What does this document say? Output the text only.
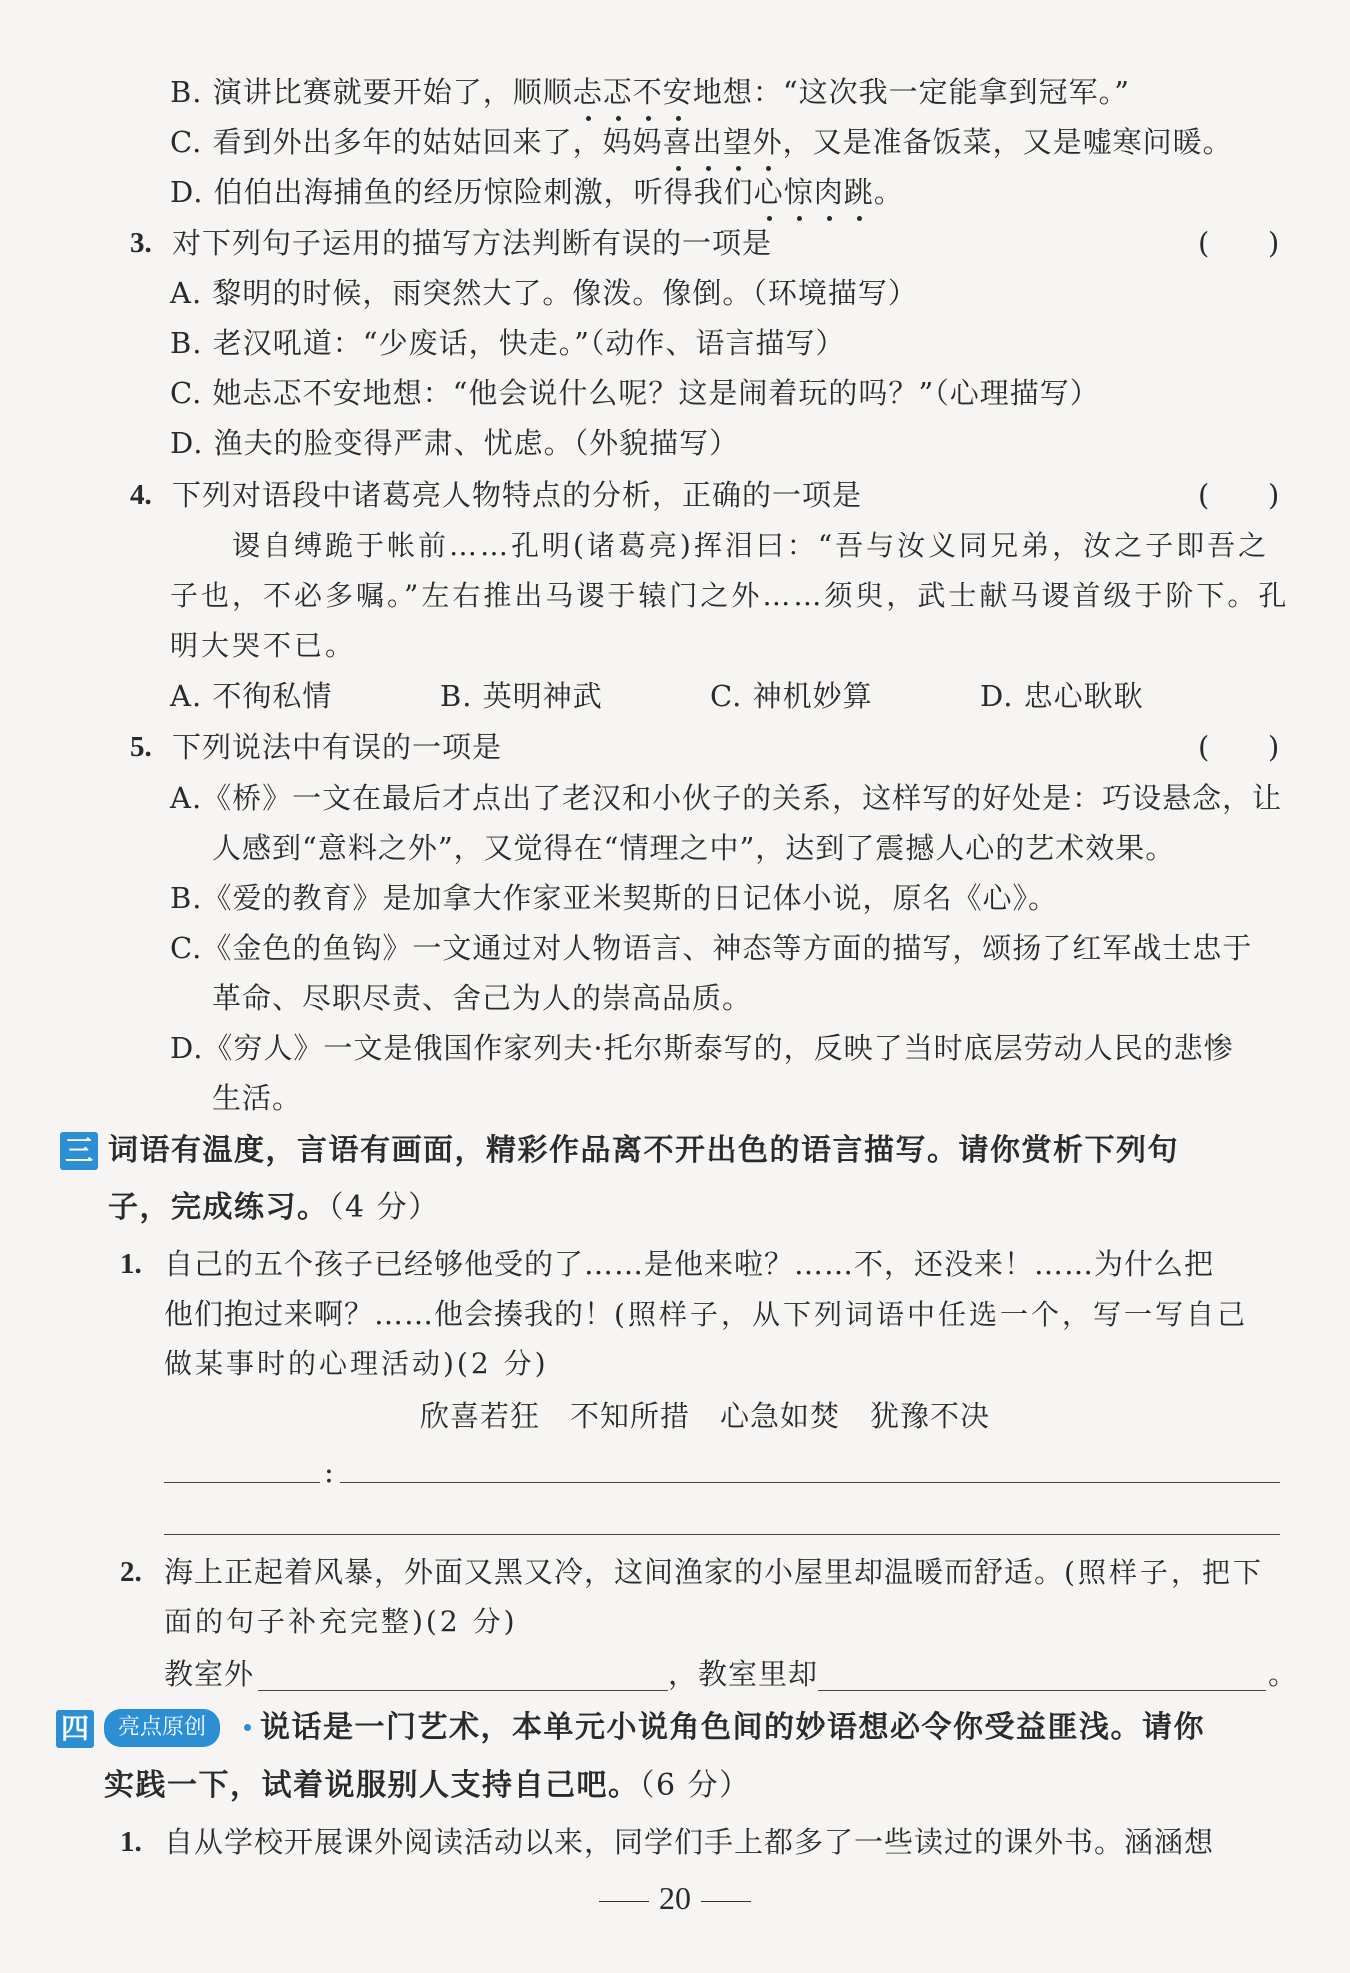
B. 演讲比赛就要开始了，顺顺忐忑不安地想：“这次我一定能拿到冠军。”
C. 看到外出多年的姑姑回来了，妈妈喜出望外，又是准备饭菜，又是嘘寒问暖。
D. 伯伯出海捕鱼的经历惊险刺激，听得我们心惊肉跳。
3. 对下列句子运用的描写方法判断有误的一项是	( )
A. 黎明的时候，雨突然大了。像泼。像倒。（环境描写）
B. 老汉吼道：“少废话，快走。”（动作、语言描写）
C. 她忐忑不安地想：“他会说什么呢？这是闹着玩的吗？”（心理描写）
D. 渔夫的脸变得严肃、忧虑。（外貌描写）
4. 下列对语段中诸葛亮人物特点的分析，正确的一项是	( )
谡自缚跪于帐前……孔明(诸葛亮)挥泪曰：“吾与汝义同兄弟，汝之子即吾之
子也，不必多嘱。”左右推出马谡于辕门之外……须臾，武士献马谡首级于阶下。孔
明大哭不已。
A. 不徇私情	B. 英明神武	C. 神机妙算	D. 忠心耿耿
5. 下列说法中有误的一项是	( )
A.《桥》一文在最后才点出了老汉和小伙子的关系，这样写的好处是：巧设悬念，让
人感到“意料之外”，又觉得在“情理之中”，达到了震撼人心的艺术效果。
B.《爱的教育》是加拿大作家亚米契斯的日记体小说，原名《心》。
C.《金色的鱼钩》一文通过对人物语言、神态等方面的描写，颂扬了红军战士忠于
革命、尽职尽责、舍己为人的崇高品质。
D.《穷人》一文是俄国作家列夫·托尔斯泰写的，反映了当时底层劳动人民的悲惨
生活。
三 词语有温度，言语有画面，精彩作品离不开出色的语言描写。请你赏析下列句
子，完成练习。（4 分）
1. 自己的五个孩子已经够他受的了……是他来啦？……不，还没来！……为什么把
他们抱过来啊？……他会揍我的！(照样子，从下列词语中任选一个，写一写自己
做某事时的心理活动)(2 分)
欣喜若狂 不知所措 心急如焚 犹豫不决
:
2. 海上正起着风暴，外面又黑又冷，这间渔家的小屋里却温暖而舒适。(照样子，把下
面的句子补充完整)(2 分)
教室外	，教室里却	。
四	亮点原创	说话是一门艺术，本单元小说角色间的妙语想必令你受益匪浅。请你
实践一下，试着说服别人支持自己吧。（6 分）
1. 自从学校开展课外阅读活动以来，同学们手上都多了一些读过的课外书。涵涵想
20
